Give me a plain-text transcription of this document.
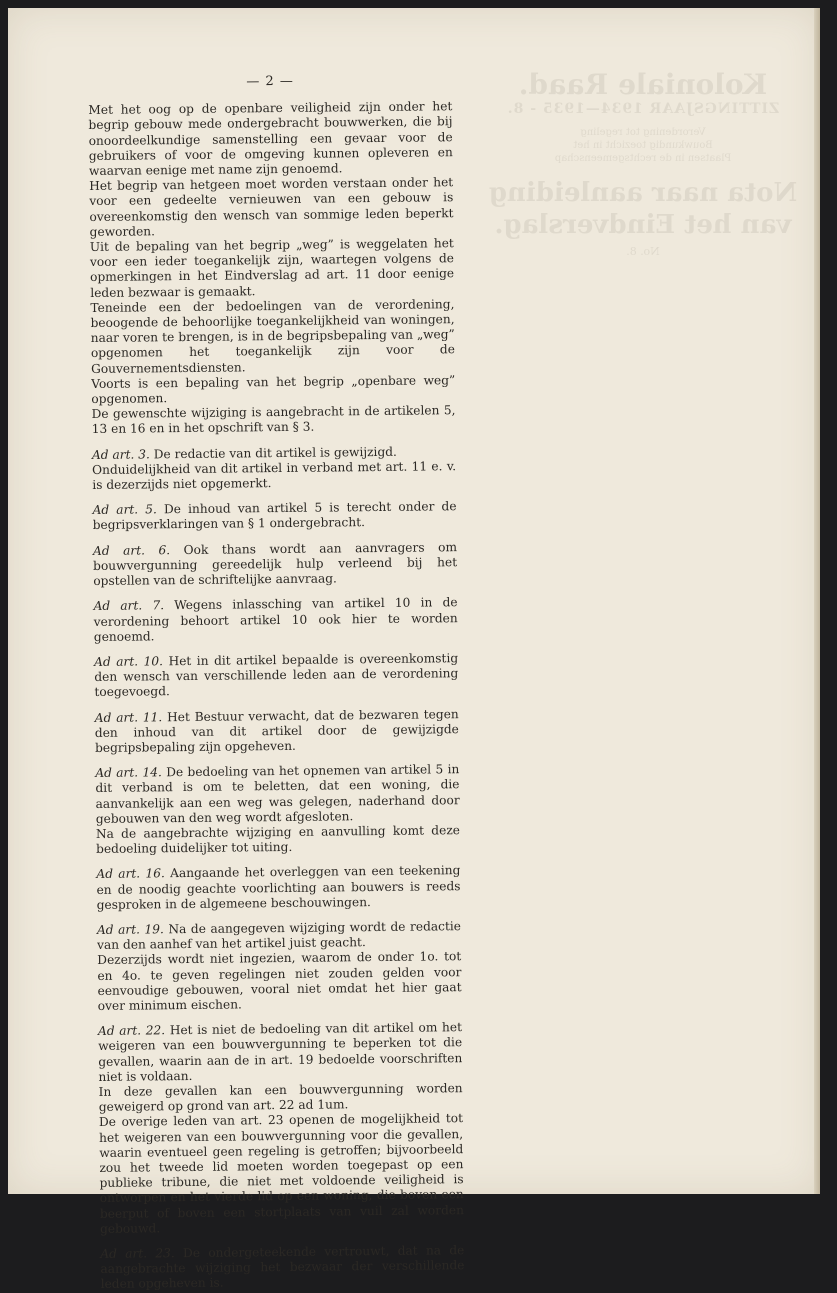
Koloniale Raad.
ZITTINGSJAAR 1934—1935 - 8.
Verordening tot regeling
Bouwkundig toezicht in het
Plaatsen in de rechtsgemeenschap
Nota naar aanleiding van het Eindverslag.
No. 8.
— 2 —

Met het oog op de openbare veiligheid zijn onder het begrip gebouw mede ondergebracht bouwwerken, die bij onoordeelkundige samenstelling een gevaar voor de gebruikers of voor de omgeving kunnen opleveren en waarvan eenige met name zijn genoemd.

Het begrip van hetgeen moet worden verstaan onder het voor een gedeelte vernieuwen van een gebouw is overeenkomstig den wensch van sommige leden beperkt geworden.

Uit de bepaling van het begrip „weg” is weggelaten het voor een ieder toegankelijk zijn, waartegen volgens de opmerkingen in het Eindverslag ad art. 11 door eenige leden bezwaar is gemaakt.

Teneinde een der bedoelingen van de verordening, beoogende de behoorlijke toegankelijkheid van woningen, naar voren te brengen, is in de begripsbepaling van „weg” opgenomen het toegankelijk zijn voor de Gouvernementsdiensten.

Voorts is een bepaling van het begrip „openbare weg” opgenomen.

De gewenschte wijziging is aangebracht in de artikelen 5, 13 en 16 en in het opschrift van § 3.

Ad art. 3. De redactie van dit artikel is gewijzigd.

Onduidelijkheid van dit artikel in verband met art. 11 e. v. is dezerzijds niet opgemerkt.

Ad art. 5. De inhoud van artikel 5 is terecht onder de begripsverklaringen van § 1 ondergebracht.

Ad art. 6. Ook thans wordt aan aanvragers om bouwvergunning gereedelijk hulp verleend bij het opstellen van de schriftelijke aanvraag.

Ad art. 7. Wegens inlassching van artikel 10 in de verordening behoort artikel 10 ook hier te worden genoemd.

Ad art. 10. Het in dit artikel bepaalde is overeenkomstig den wensch van verschillende leden aan de verordening toegevoegd.

Ad art. 11. Het Bestuur verwacht, dat de bezwaren tegen den inhoud van dit artikel door de gewijzigde begripsbepaling zijn opgeheven.

Ad art. 14. De bedoeling van het opnemen van artikel 5 in dit verband is om te beletten, dat een woning, die aanvankelijk aan een weg was gelegen, naderhand door gebouwen van den weg wordt afgesloten.

Na de aangebrachte wijziging en aanvulling komt deze bedoeling duidelijker tot uiting.

Ad art. 16. Aangaande het overleggen van een teekening en de noodig geachte voorlichting aan bouwers is reeds gesproken in de algemeene beschouwingen.

Ad art. 19. Na de aangegeven wijziging wordt de redactie van den aanhef van het artikel juist geacht.

Dezerzijds wordt niet ingezien, waarom de onder 1o. tot en 4o. te geven regelingen niet zouden gelden voor eenvoudige gebouwen, vooral niet omdat het hier gaat over minimum eischen.

Ad art. 22. Het is niet de bedoeling van dit artikel om het weigeren van een bouwvergunning te beperken tot die gevallen, waarin aan de in art. 19 bedoelde voorschriften niet is voldaan.

In deze gevallen kan een bouwvergunning worden geweigerd op grond van art. 22 ad 1um.

De overige leden van art. 23 openen de mogelijkheid tot het weigeren van een bouwvergunning voor die gevallen, waarin eventueel geen regeling is getroffen; bijvoorbeeld zou het tweede lid moeten worden toegepast op een publieke tribune, die niet met voldoende veiligheid is ontworpen en het vierde lid op een woning, die boven een beerput of boven een stortplaats van vuil zal worden gebouwd.

Ad art. 23. De ondergeteekende vertrouwt, dat na de aangebrachte wijziging het bezwaar der verschillende leden opgeheven is.
